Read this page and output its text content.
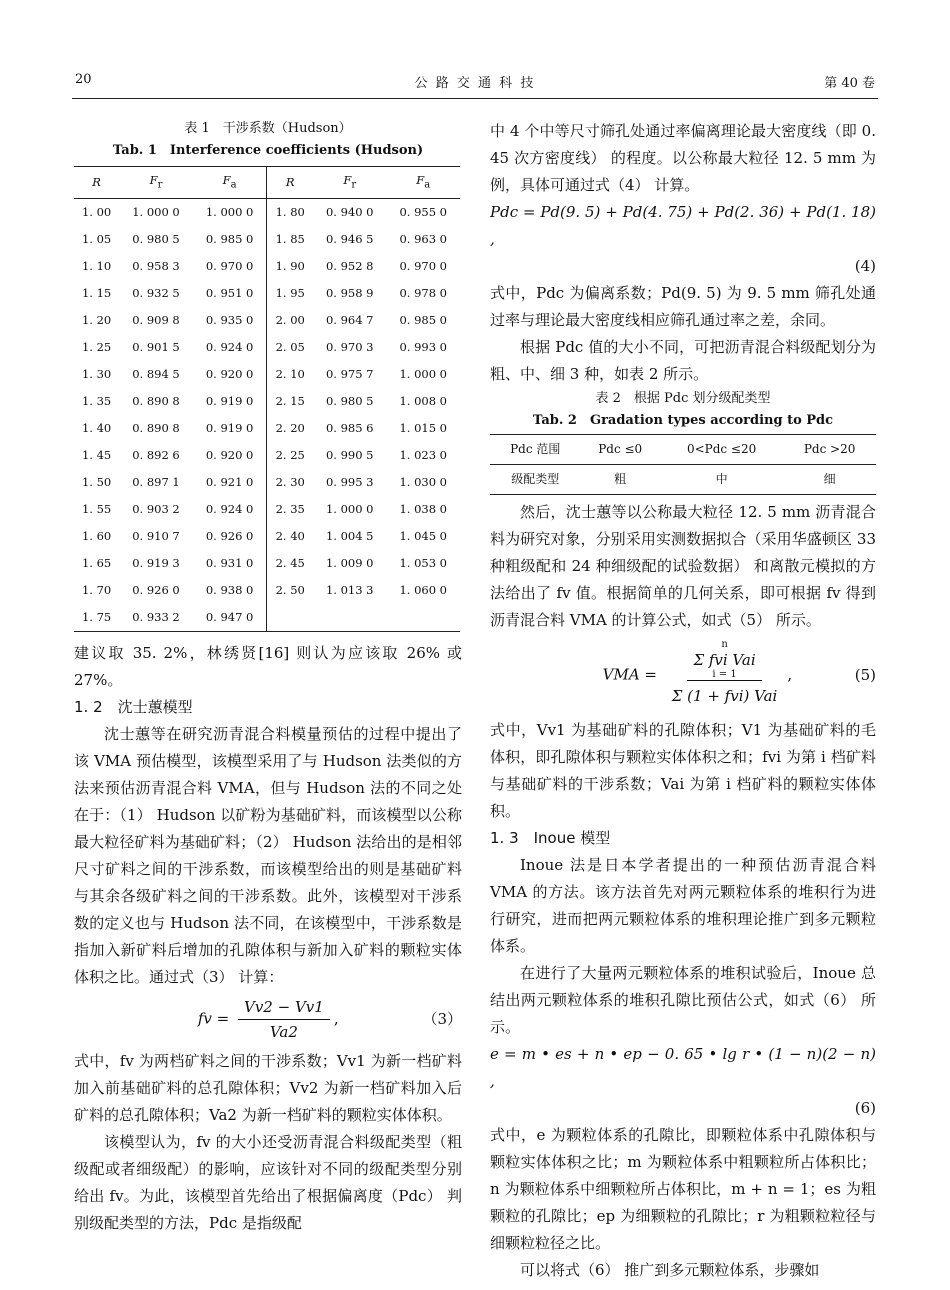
20	公 路 交 通 科 技	第 40 卷
表 1　干涉系数（Hudson）
Tab. 1　Interference coefficients (Hudson)
R	$F_r$	$F_a$	R	$F_r$	$F_a$
1. 00	1. 000 0	1. 000 0	1. 80	0. 940 0	0. 955 0
1. 05	0. 980 5	0. 985 0	1. 85	0. 946 5	0. 963 0
1. 10	0. 958 3	0. 970 0	1. 90	0. 952 8	0. 970 0
1. 15	0. 932 5	0. 951 0	1. 95	0. 958 9	0. 978 0
1. 20	0. 909 8	0. 935 0	2. 00	0. 964 7	0. 985 0
1. 25	0. 901 5	0. 924 0	2. 05	0. 970 3	0. 993 0
1. 30	0. 894 5	0. 920 0	2. 10	0. 975 7	1. 000 0
1. 35	0. 890 8	0. 919 0	2. 15	0. 980 5	1. 008 0
1. 40	0. 890 8	0. 919 0	2. 20	0. 985 6	1. 015 0
1. 45	0. 892 6	0. 920 0	2. 25	0. 990 5	1. 023 0
1. 50	0. 897 1	0. 921 0	2. 30	0. 995 3	1. 030 0
1. 55	0. 903 2	0. 924 0	2. 35	1. 000 0	1. 038 0
1. 60	0. 910 7	0. 926 0	2. 40	1. 004 5	1. 045 0
1. 65	0. 919 3	0. 931 0	2. 45	1. 009 0	1. 053 0
1. 70	0. 926 0	0. 938 0	2. 50	1. 013 3	1. 060 0
1. 75	0. 933 2	0. 947 0			

建议取 35. 2%，林绣贤[16] 则认为应该取 26% 或 27%。

1. 2　沈士蕙模型

沈士蕙等在研究沥青混合料模量预估的过程中提出了该 VMA 预估模型，该模型采用了与 Hudson 法类似的方法来预估沥青混合料 VMA，但与 Hudson 法的不同之处在于：（1） Hudson 以矿粉为基础矿料，而该模型以公称最大粒径矿料为基础矿料；（2） Hudson 法给出的是相邻尺寸矿料之间的干涉系数，而该模型给出的则是基础矿料与其余各级矿料之间的干涉系数。此外，该模型对干涉系数的定义也与 Hudson 法不同，在该模型中，干涉系数是指加入新矿料后增加的孔隙体积与新加入矿料的颗粒实体体积之比。通过式（3） 计算：

fv = $\frac{Vv2 - Vv1}{Va2}$ ,	（3）

式中，fv 为两档矿料之间的干涉系数；Vv1 为新一档矿料加入前基础矿料的总孔隙体积；Vv2 为新一档矿料加入后矿料的总孔隙体积；Va2 为新一档矿料的颗粒实体体积。

该模型认为，fv 的大小还受沥青混合料级配类型（粗级配或者细级配）的影响，应该针对不同的级配类型分别给出 fv。为此，该模型首先给出了根据偏离度（Pdc） 判别级配类型的方法，Pdc 是指级配

中 4 个中等尺寸筛孔处通过率偏离理论最大密度线（即 0. 45 次方密度线） 的程度。以公称最大粒径 12. 5 mm 为例，具体可通过式（4） 计算。

Pdc = Pd(9. 5) + Pd(4. 75) + Pd(2. 36) + Pd(1. 18) ,
(4)

式中，Pdc 为偏离系数；Pd(9. 5) 为 9. 5 mm 筛孔处通过率与理论最大密度线相应筛孔通过率之差，余同。

根据 Pdc 值的大小不同，可把沥青混合料级配划分为粗、中、细 3 种，如表 2 所示。

表 2　根据 Pdc 划分级配类型
Tab. 2　Gradation types according to Pdc
Pdc 范围	Pdc ≤0	0<Pdc ≤20	Pdc >20
级配类型	粗	中	细

然后，沈士蕙等以公称最大粒径 12. 5 mm 沥青混合料为研究对象，分别采用实测数据拟合（采用华盛顿区 33 种粗级配和 24 种细级配的试验数据） 和离散元模拟的方法给出了 fv 值。根据简单的几何关系，即可根据 fv 得到沥青混合料 VMA 的计算公式，如式（5） 所示。

VMA = n
Σ fvi Vai
i = 1
Σ (1 + fvi) Vai ,	(5)

式中，Vv1 为基础矿料的孔隙体积；V1 为基础矿料的毛体积，即孔隙体积与颗粒实体体积之和；fvi 为第 i 档矿料与基础矿料的干涉系数；Vai 为第 i 档矿料的颗粒实体体积。

1. 3　Inoue 模型

Inoue 法是日本学者提出的一种预估沥青混合料 VMA 的方法。该方法首先对两元颗粒体系的堆积行为进行研究，进而把两元颗粒体系的堆积理论推广到多元颗粒体系。

在进行了大量两元颗粒体系的堆积试验后，Inoue 总结出两元颗粒体系的堆积孔隙比预估公式，如式（6） 所示。

e = m • es + n • ep − 0. 65 • lg r • (1 − n)(2 − n) ,
(6)

式中，e 为颗粒体系的孔隙比，即颗粒体系中孔隙体积与颗粒实体体积之比；m 为颗粒体系中粗颗粒所占体积比；n 为颗粒体系中细颗粒所占体积比，m + n = 1；es 为粗颗粒的孔隙比；ep 为细颗粒的孔隙比；r 为粗颗粒粒径与细颗粒粒径之比。

可以将式（6） 推广到多元颗粒体系，步骤如
